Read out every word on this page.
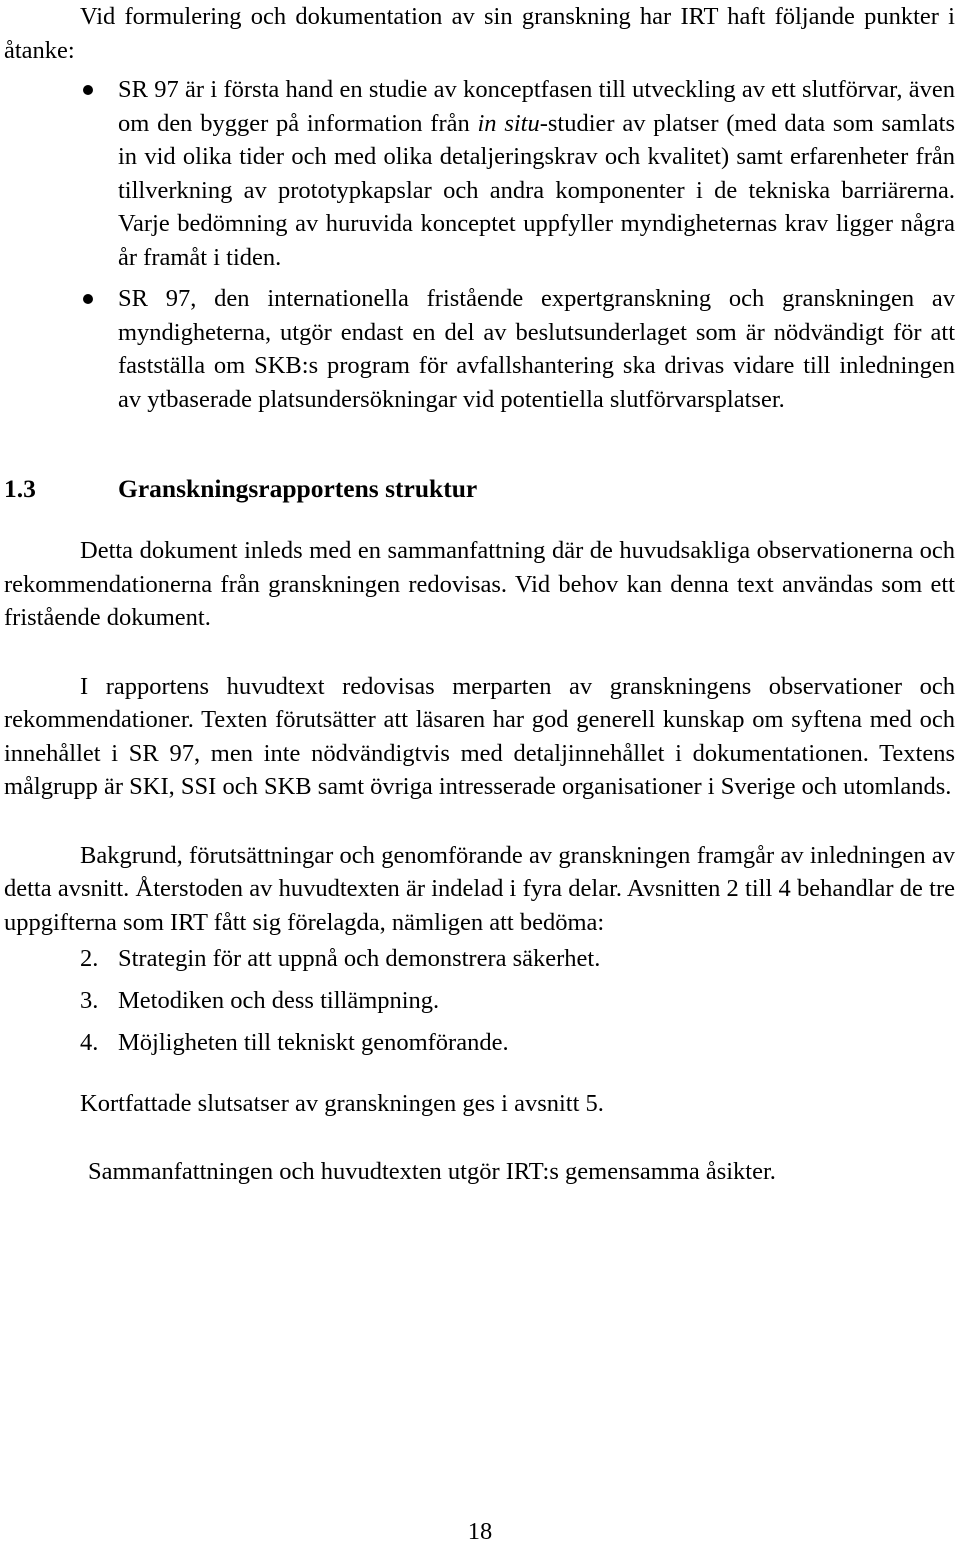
Vid formulering och dokumentation av sin granskning har IRT haft följande punkter i åtanke:

SR 97 är i första hand en studie av konceptfasen till utveckling av ett slutförvar, även om den bygger på information från in situ-studier av platser (med data som samlats in vid olika tider och med olika detaljeringskrav och kvalitet) samt erfarenheter från tillverkning av prototypkapslar och andra komponenter i de tekniska barriärerna. Varje bedömning av huruvida konceptet uppfyller myndigheternas krav ligger några år framåt i tiden.
SR 97, den internationella fristående expertgranskning och granskningen av myndigheterna, utgör endast en del av beslutsunderlaget som är nödvändigt för att fastställa om SKB:s program för avfallshantering ska drivas vidare till inledningen av ytbaserade platsundersökningar vid potentiella slutförvarsplatser.
1.3	Granskningsrapportens struktur

Detta dokument inleds med en sammanfattning där de huvudsakliga observationerna och rekommendationerna från granskningen redovisas. Vid behov kan denna text användas som ett fristående dokument.

I rapportens huvudtext redovisas merparten av granskningens observationer och rekommendationer. Texten förutsätter att läsaren har god generell kunskap om syftena med och innehållet i SR 97, men inte nödvändigtvis med detaljinnehållet i dokumentationen. Textens målgrupp är SKI, SSI och SKB samt övriga intresserade organisationer i Sverige och utomlands.

Bakgrund, förutsättningar och genomförande av granskningen framgår av inledningen av detta avsnitt. Återstoden av huvudtexten är indelad i fyra delar. Avsnitten 2 till 4 behandlar de tre uppgifterna som IRT fått sig förelagda, nämligen att bedöma:

2. Strategin för att uppnå och demonstrera säkerhet.
3. Metodiken och dess tillämpning.
4. Möjligheten till tekniskt genomförande.

Kortfattade slutsatser av granskningen ges i avsnitt 5.

Sammanfattningen och huvudtexten utgör IRT:s gemensamma åsikter.

18
